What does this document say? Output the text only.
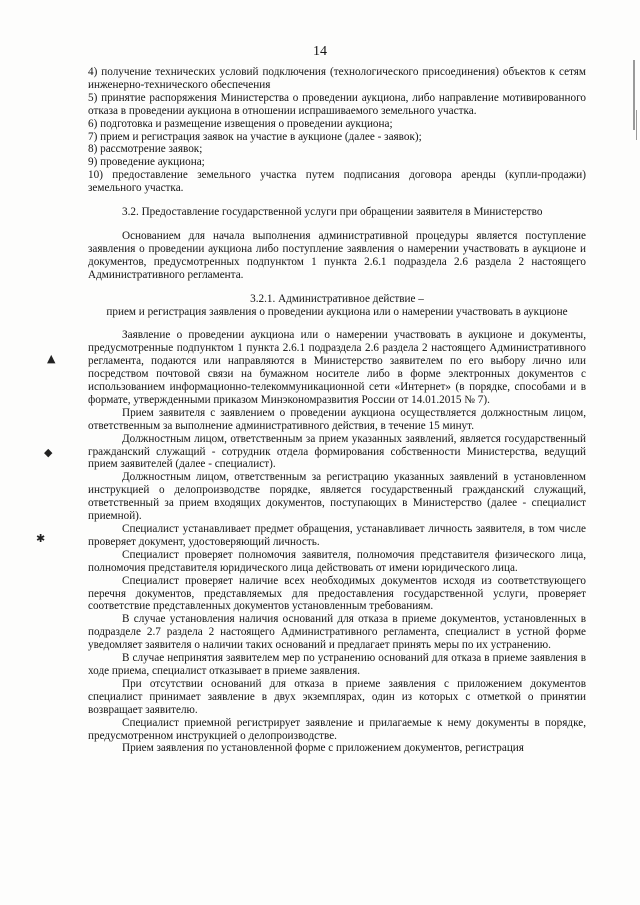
▲
◆
✱
14

4) получение технических условий подключения (технологического присоединения) объектов к сетям инженерно-технического обеспечения

5) принятие распоряжения Министерства о проведении аукциона, либо направление мотивированного отказа в проведении аукциона в отношении испрашиваемого земельного участка.

6) подготовка и размещение извещения о проведении аукциона;

7) прием и регистрация заявок на участие в аукционе (далее - заявок);

8) рассмотрение заявок;

9) проведение аукциона;

10) предоставление земельного участка путем подписания договора аренды (купли-продажи) земельного участка.

3.2. Предоставление государственной услуги при обращении заявителя в Министерство

Основанием для начала выполнения административной процедуры является поступление заявления о проведении аукциона либо поступление заявления о намерении участвовать в аукционе и документов, предусмотренных подпунктом 1 пункта 2.6.1 подраздела 2.6 раздела 2 настоящего Административного регламента.

3.2.1. Административное действие –

прием и регистрация заявления о проведении аукциона или о намерении участвовать в аукционе

Заявление о проведении аукциона или о намерении участвовать в аукционе и документы, предусмотренные подпунктом 1 пункта 2.6.1 подраздела 2.6 раздела 2 настоящего Административного регламента, подаются или направляются в Министерство заявителем по его выбору лично или посредством почтовой связи на бумажном носителе либо в форме электронных документов с использованием информационно-телекоммуникационной сети «Интернет» (в порядке, способами и в формате, утвержденными приказом Минэкономразвития России от 14.01.2015 № 7).

Прием заявителя с заявлением о проведении аукциона осуществляется должностным лицом, ответственным за выполнение административного действия, в течение 15 минут.

Должностным лицом, ответственным за прием указанных заявлений, является государственный гражданский служащий - сотрудник отдела формирования собственности Министерства, ведущий прием заявителей (далее - специалист).

Должностным лицом, ответственным за регистрацию указанных заявлений в установленном инструкцией о делопроизводстве порядке, является государственный гражданский служащий, ответственный за прием входящих документов, поступающих в Министерство (далее - специалист приемной).

Специалист устанавливает предмет обращения, устанавливает личность заявителя, в том числе проверяет документ, удостоверяющий личность.

Специалист проверяет полномочия заявителя, полномочия представителя физического лица, полномочия представителя юридического лица действовать от имени юридического лица.

Специалист проверяет наличие всех необходимых документов исходя из соответствующего перечня документов, представляемых для предоставления государственной услуги, проверяет соответствие представленных документов установленным требованиям.

В случае установления наличия оснований для отказа в приеме документов, установленных в подразделе 2.7 раздела 2 настоящего Административного регламента, специалист в устной форме уведомляет заявителя о наличии таких оснований и предлагает принять меры по их устранению.

В случае непринятия заявителем мер по устранению оснований для отказа в приеме заявления в ходе приема, специалист отказывает в приеме заявления.

При отсутствии оснований для отказа в приеме заявления с приложением документов специалист принимает заявление в двух экземплярах, один из которых с отметкой о принятии возвращает заявителю.

Специалист приемной регистрирует заявление и прилагаемые к нему документы в порядке, предусмотренном инструкцией о делопроизводстве.

Прием заявления по установленной форме с приложением документов, регистрация
